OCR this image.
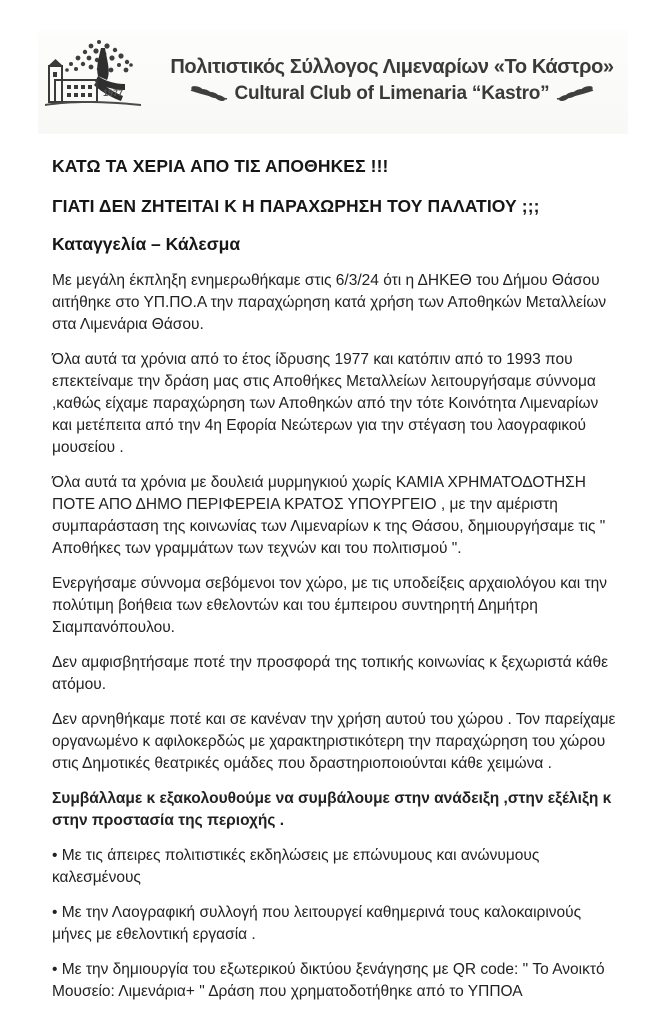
1977
Πολιτιστικός Σύλλογος Λιμεναρίων «Το Κάστρο»
Cultural Club of Limenaria “Kastro”
ΚΑΤΩ ΤΑ ΧΕΡΙΑ ΑΠΟ ΤΙΣ ΑΠΟΘΗΚΕΣ !!!
ΓΙΑΤΙ ΔΕΝ ΖΗΤΕΙΤΑΙ Κ Η ΠΑΡΑΧΩΡΗΣΗ ΤΟΥ ΠΑΛΑΤΙΟΥ ;;;
Καταγγελία – Κάλεσμα

Με μεγάλη έκπληξη ενημερωθήκαμε στις 6/3/24 ότι η ΔΗΚΕΘ του Δήμου Θάσου αιτήθηκε στο ΥΠ.ΠΟ.Α την παραχώρηση κατά χρήση των Αποθηκών Μεταλλείων στα Λιμενάρια Θάσου.

Όλα αυτά τα χρόνια από το έτος ίδρυσης 1977 και κατόπιν από το 1993 που επεκτείναμε την δράση μας στις Αποθήκες Μεταλλείων λειτουργήσαμε σύννομα ,καθώς είχαμε παραχώρηση των Αποθηκών από την τότε Κοινότητα Λιμεναρίων και μετέπειτα από την 4η Εφορία Νεώτερων για την στέγαση του λαογραφικού μουσείου .

Όλα αυτά τα χρόνια με δουλειά μυρμηγκιού χωρίς ΚΑΜΙΑ ΧΡΗΜΑΤΟΔΟΤΗΣΗ ΠΟΤΕ ΑΠΟ ΔΗΜΟ ΠΕΡΙΦΕΡΕΙΑ ΚΡΑΤΟΣ ΥΠΟΥΡΓΕΙΟ , με την αμέριστη συμπαράσταση της κοινωνίας των Λιμεναρίων κ της Θάσου, δημιουργήσαμε τις " Αποθήκες των γραμμάτων των τεχνών και του πολιτισμού ".

Ενεργήσαμε σύννομα σεβόμενοι τον χώρο, με τις υποδείξεις αρχαιολόγου και την πολύτιμη βοήθεια των εθελοντών και του έμπειρου συντηρητή Δημήτρη Σιαμπανόπουλου.

Δεν αμφισβητήσαμε ποτέ την προσφορά της τοπικής κοινωνίας κ ξεχωριστά κάθε ατόμου.

Δεν αρνηθήκαμε ποτέ και σε κανέναν την χρήση αυτού του χώρου . Τον παρείχαμε οργανωμένο κ αφιλοκερδώς με χαρακτηριστικότερη την παραχώρηση του χώρου στις Δημοτικές θεατρικές ομάδες που δραστηριοποιούνται κάθε χειμώνα .

Συμβάλλαμε κ εξακολουθούμε να συμβάλουμε στην ανάδειξη ,στην εξέλιξη κ στην προστασία της περιοχής .

• Με τις άπειρες πολιτιστικές εκδηλώσεις με επώνυμους και ανώνυμους καλεσμένους

• Με την Λαογραφική συλλογή που λειτουργεί καθημερινά τους καλοκαιρινούς μήνες με εθελοντική εργασία .

• Με την δημιουργία του εξωτερικού δικτύου ξενάγησης με QR code: " Το Ανοικτό Μουσείο: Λιμενάρια+ " Δράση που χρηματοδοτήθηκε από το ΥΠΠΟΑ
